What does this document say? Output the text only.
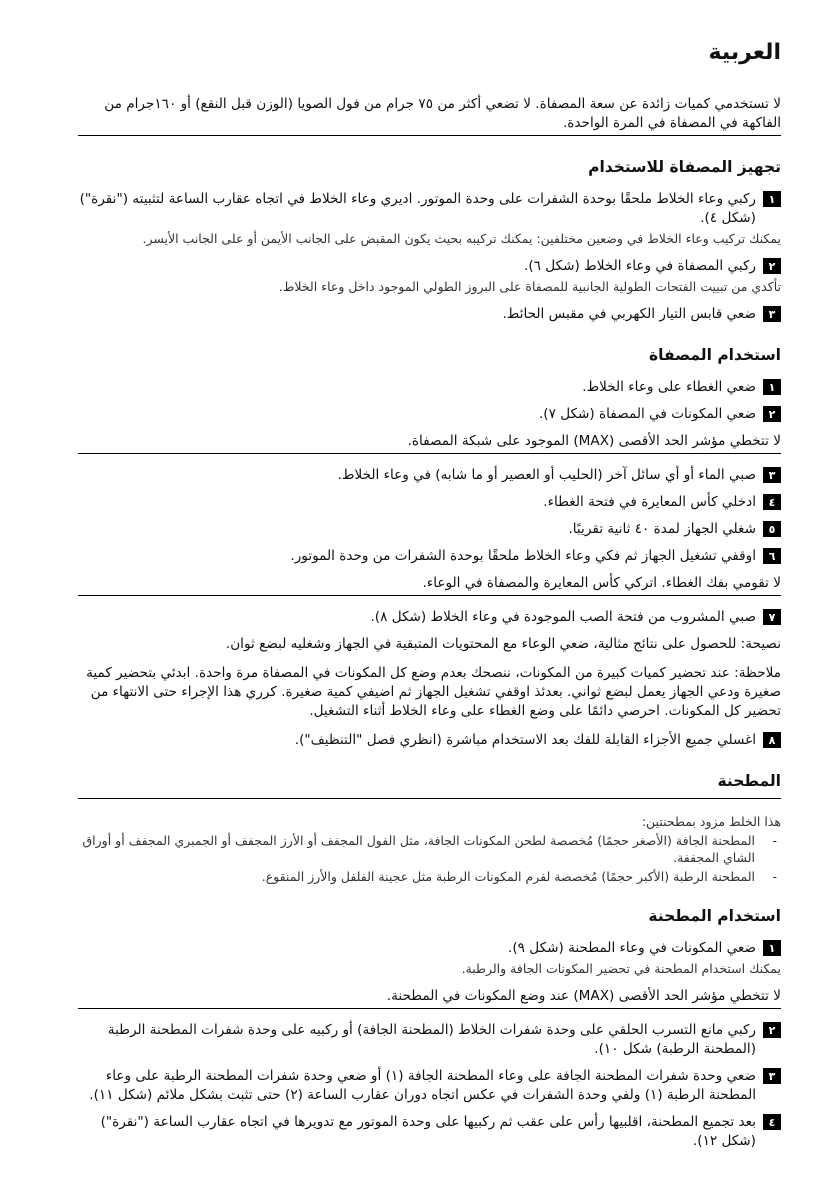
العربية

لا تستخدمي كميات زائدة عن سعة المصفاة. لا تضعي أكثر من ٧٥ جرام من فول الصويا (الوزن قبل النقع) أو ١٦٠جرام من الفاكهة في المصفاة في المرة الواحدة.

تجهيز المصفاة للاستخدام
١
ركبي وعاء الخلاط ملحقًا بوحدة الشفرات على وحدة الموتور. اديري وعاء الخلاط في اتجاه عقارب الساعة لتثبيته ("نقرة") (شكل ٤).

يمكنك تركيب وعاء الخلاط في وضعين مختلفين: يمكنك تركيبه بحيث يكون المقبض على الجانب الأيمن أو على الجانب الأيسر.

٢
ركبي المصفاة في وعاء الخلاط (شكل ٦).

تأكدي من تبييت الفتحات الطولية الجانبية للمصفاة على البروز الطولي الموجود داخل وعاء الخلاط.

٣
ضعي قابس التيار الكهربي في مقبس الحائط.
استخدام المصفاة
١
ضعي الغطاء على وعاء الخلاط.
٢
ضعي المكونات في المصفاة (شكل ٧).

لا تتخطي مؤشر الحد الأقصى (MAX) الموجود على شبكة المصفاة.

٣
صبي الماء أو أي سائل آخر (الحليب أو العصير أو ما شابه) في وعاء الخلاط.
٤
ادخلي كأس المعايرة في فتحة الغطاء.
٥
شغلي الجهاز لمدة ٤٠ ثانية تقريبًا.
٦
اوقفي تشغيل الجهاز ثم فكي وعاء الخلاط ملحقًا بوحدة الشفرات من وحدة الموتور.

لا تقومي بفك الغطاء. اتركي كأس المعايرة والمصفاة في الوعاء.

٧
صبي المشروب من فتحة الصب الموجودة في وعاء الخلاط (شكل ٨).

نصيحة: للحصول على نتائج مثالية، ضعي الوعاء مع المحتويات المتبقية في الجهاز وشغليه لبضع ثوان.

ملاحظة: عند تحضير كميات كبيرة من المكونات، ننصحك بعدم وضع كل المكونات في المصفاة مرة واحدة. ابدئي بتحضير كمية صغيرة ودعي الجهاز يعمل لبضع ثواني. بعدئذ اوقفي تشغيل الجهاز ثم اضيفي كمية صغيرة. كرري هذا الإجراء حتى الانتهاء من تحضير كل المكونات. احرصي دائمًا على وضع الغطاء على وعاء الخلاط أثناء التشغيل.

٨
اغسلي جميع الأجزاء القابلة للفك بعد الاستخدام مباشرة (انظري فصل "التنظيف").
المطحنة

هذا الخلط مزود بمطحنتين:

- المطحنة الجافة (الأصغر حجمًا) مُخصصة لطحن المكونات الجافة، مثل الفول المجفف أو الأرز المجفف أو الجمبري المجفف أو أوراق الشاي المجففة.
- المطحنة الرطبة (الأكبر حجمًا) مُخصصة لفرم المكونات الرطبة مثل عجينة الفلفل والأرز المنقوع.
استخدام المطحنة
١
ضعي المكونات في وعاء المطحنة (شكل ٩).

يمكنك استخدام المطحنة في تحضير المكونات الجافة والرطبة.

لا تتخطي مؤشر الحد الأقصى (MAX) عند وضع المكونات في المطحنة.

٢
ركبي مانع التسرب الحلقي على وحدة شفرات الخلاط (المطحنة الجافة) أو ركبيه على وحدة شفرات المطحنة الرطبة (المطحنة الرطبة) شكل ١٠).
٣
ضعي وحدة شفرات المطحنة الجافة على وعاء المطحنة الجافة (١) أو ضعي وحدة شفرات المطحنة الرطبة على وعاء المطحنة الرطبة (١) ولفي وحدة الشفرات في عكس اتجاه دوران عقارب الساعة (٢) حتى تثبت بشكل ملائم (شكل ١١).
٤
بعد تجميع المطحنة، اقلبيها رأس على عقب ثم ركبيها على وحدة الموتور مع تدويرها في اتجاه عقارب الساعة ("نقرة") (شكل ١٢).
